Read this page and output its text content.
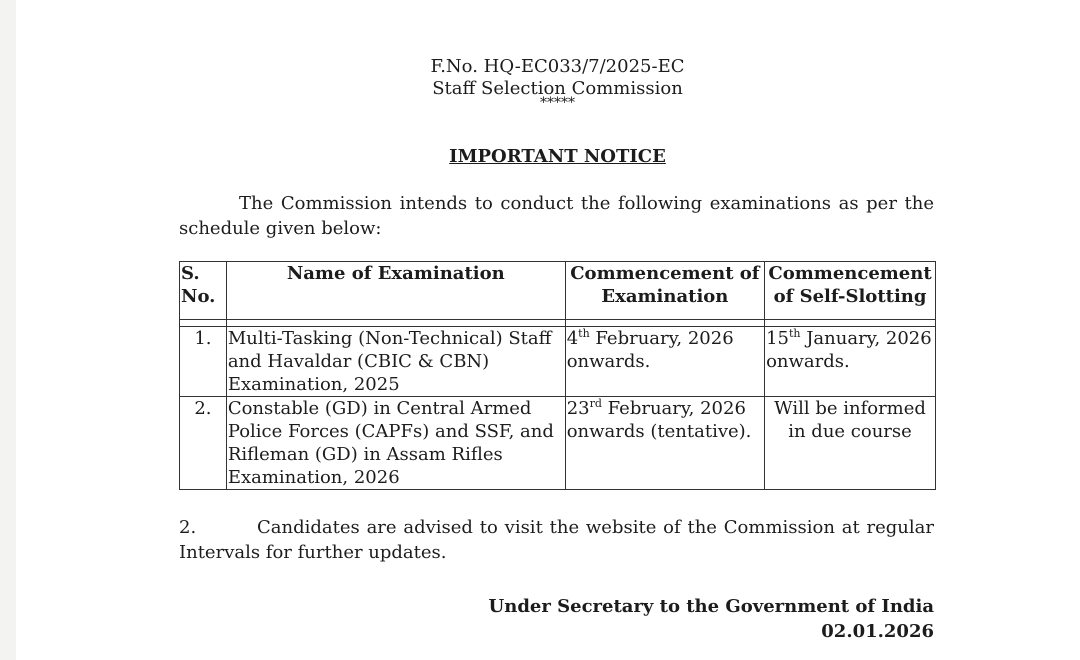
F.No. HQ-EC033/7/2025-EC
Staff Selection Commission
*****
IMPORTANT NOTICE
The Commission intends to conduct the following examinations as per the schedule given below:
S. No.	Name of Examination	Commencement of Examination	Commencement of Self-Slotting

1.	Multi-Tasking (Non-Technical) Staff and Havaldar (CBIC & CBN) Examination, 2025	4th February, 2026 onwards.	15th January, 2026 onwards.
2.	Constable (GD) in Central Armed Police Forces (CAPFs) and SSF, and Rifleman (GD) in Assam Rifles Examination, 2026	23rd February, 2026 onwards (tentative).	Will be informed in due course
2.	Candidates are advised to visit the website of the Commission at regular Intervals for further updates.
Under Secretary to the Government of India
02.01.2026
